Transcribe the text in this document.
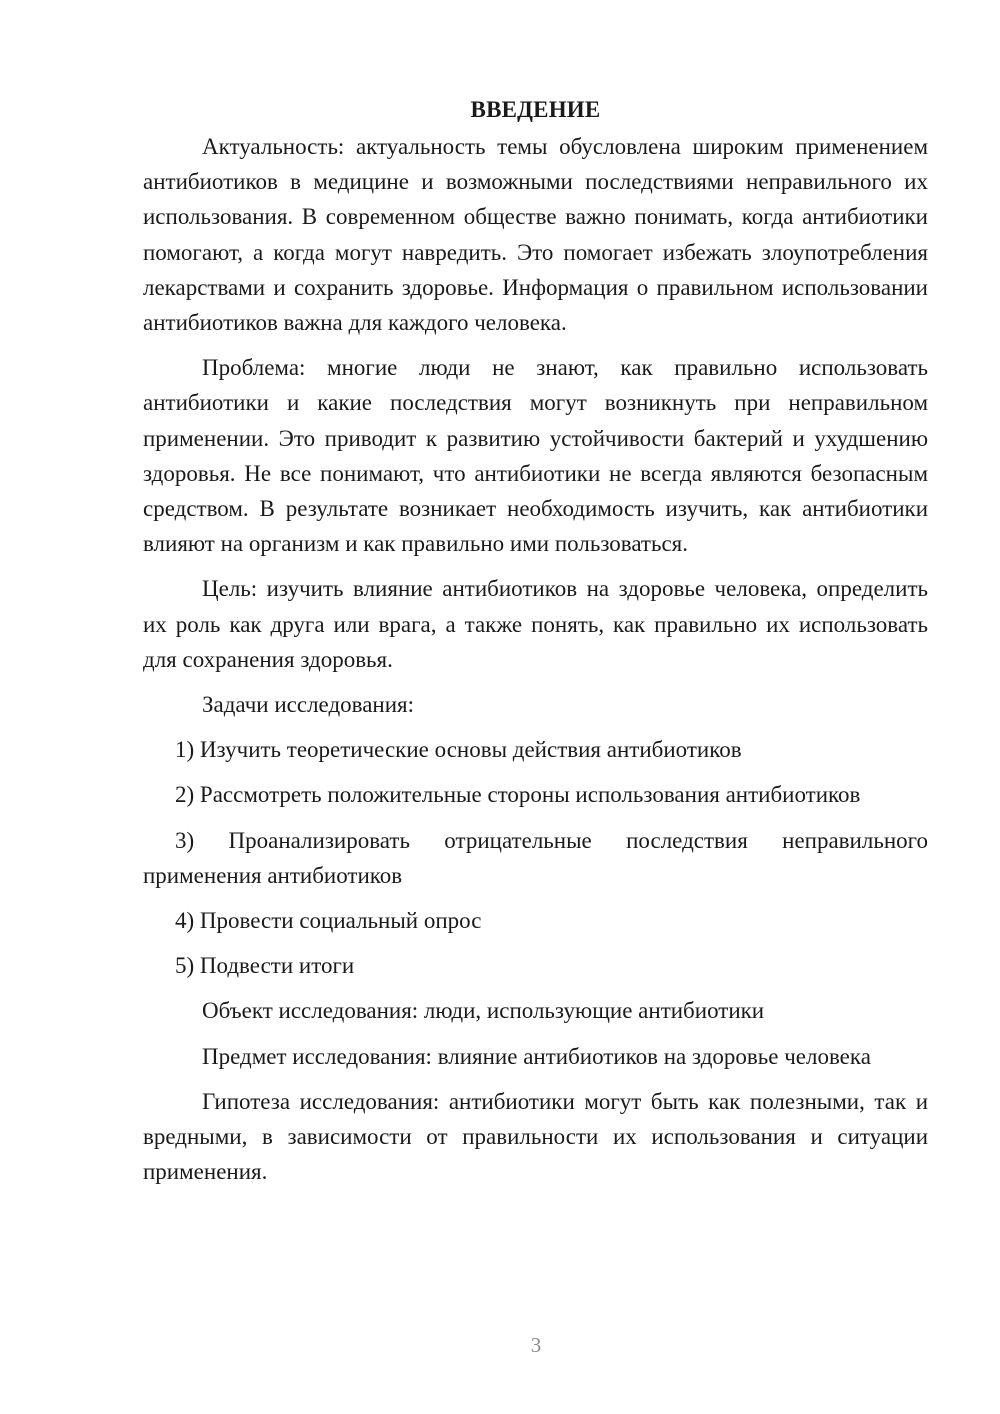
ВВЕДЕНИЕ

Актуальность: актуальность темы обусловлена широким применением антибиотиков в медицине и возможными последствиями неправильного их использования. В современном обществе важно понимать, когда антибиотики помогают, а когда могут навредить. Это помогает избежать злоупотребления лекарствами и сохранить здоровье. Информация о правильном использовании антибиотиков важна для каждого человека.

Проблема: многие люди не знают, как правильно использовать антибиотики и какие последствия могут возникнуть при неправильном применении. Это приводит к развитию устойчивости бактерий и ухудшению здоровья. Не все понимают, что антибиотики не всегда являются безопасным средством. В результате возникает необходимость изучить, как антибиотики влияют на организм и как правильно ими пользоваться.

Цель: изучить влияние антибиотиков на здоровье человека, определить их роль как друга или врага, а также понять, как правильно их использовать для сохранения здоровья.

Задачи исследования:

1) Изучить теоретические основы действия антибиотиков

2) Рассмотреть положительные стороны использования антибиотиков

3) Проанализировать отрицательные последствия неправильного применения антибиотиков

4) Провести социальный опрос

5) Подвести итоги

Объект исследования: люди, использующие антибиотики

Предмет исследования: влияние антибиотиков на здоровье человека

Гипотеза исследования: антибиотики могут быть как полезными, так и вредными, в зависимости от правильности их использования и ситуации применения.

3
